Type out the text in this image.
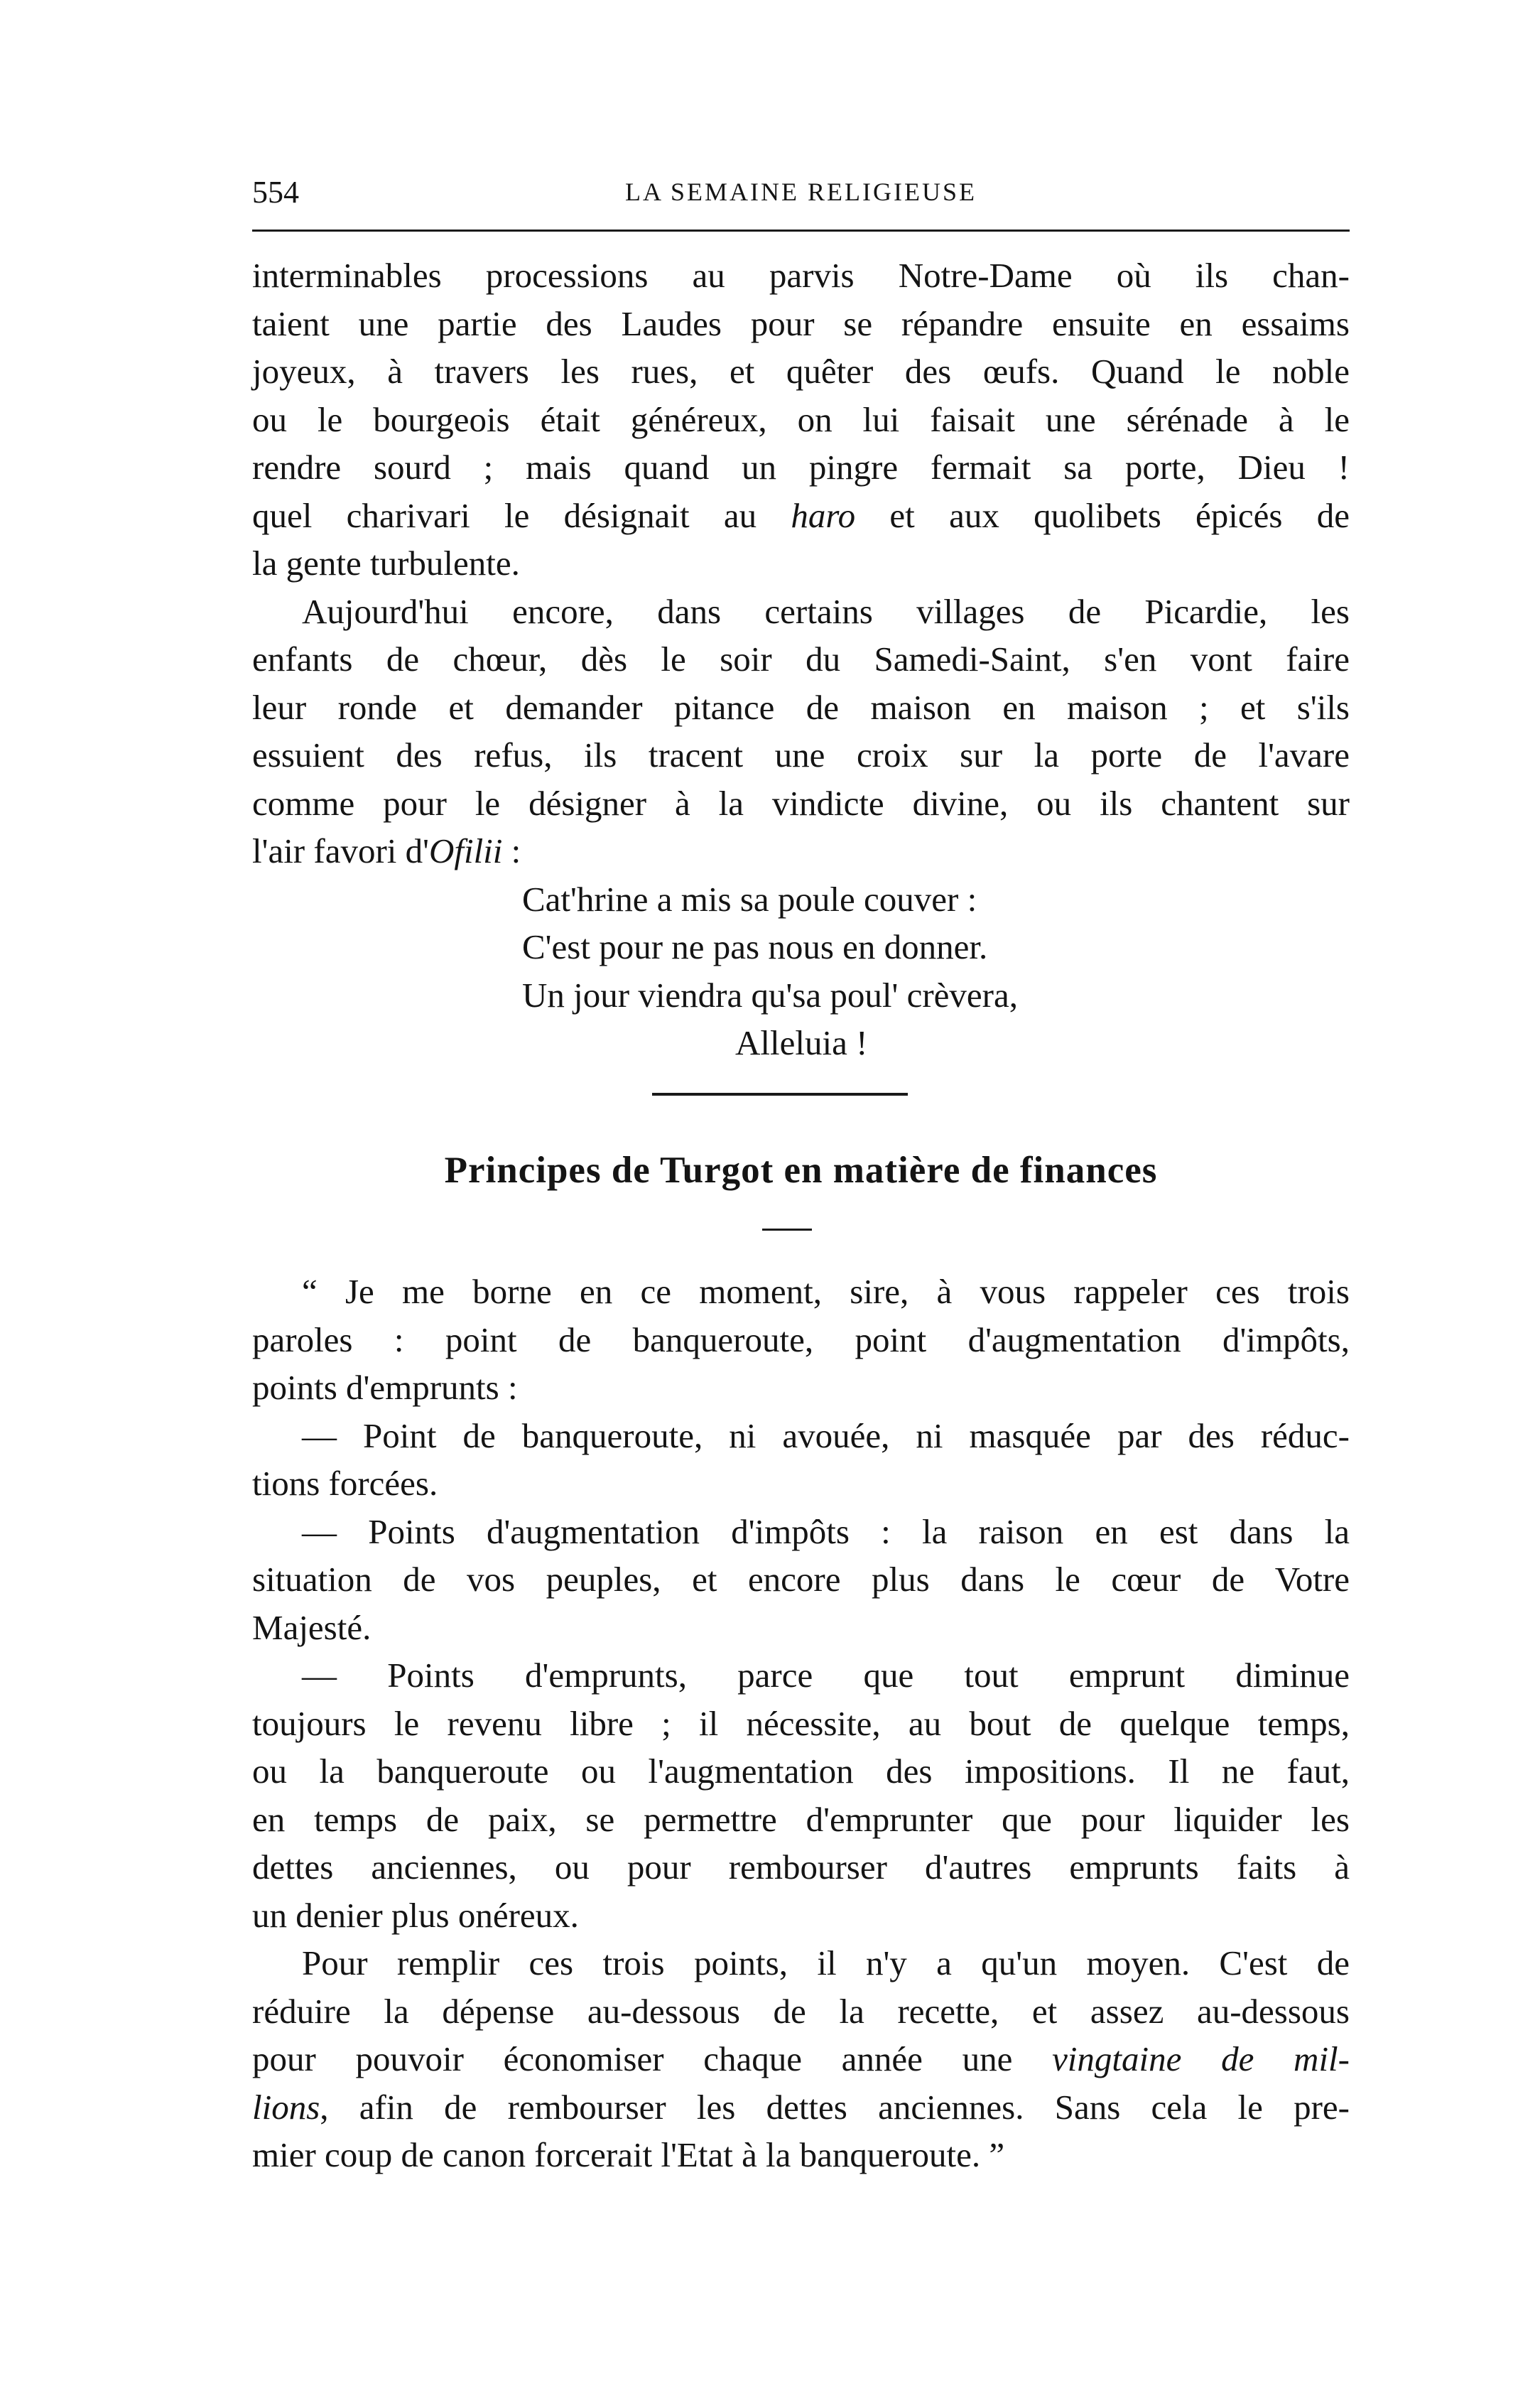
554	LA SEMAINE RELIGIEUSE
interminables processions au parvis Notre-Dame où ils chan-
taient une partie des Laudes pour se répandre ensuite en essaims
joyeux, à travers les rues, et quêter des œufs. Quand le noble
ou le bourgeois était généreux, on lui faisait une sérénade à le
rendre sourd ; mais quand un pingre fermait sa porte, Dieu !
quel charivari le désignait au haro et aux quolibets épicés de
la gente turbulente.
Aujourd'hui encore, dans certains villages de Picardie, les
enfants de chœur, dès le soir du Samedi-Saint, s'en vont faire
leur ronde et demander pitance de maison en maison ; et s'ils
essuient des refus, ils tracent une croix sur la porte de l'avare
comme pour le désigner à la vindicte divine, ou ils chantent sur
l'air favori d'Ofilii :
Cat'hrine a mis sa poule couver :
C'est pour ne pas nous en donner.
Un jour viendra qu'sa poul' crèvera,
Alleluia !
Principes de Turgot en matière de finances
“ Je me borne en ce moment, sire, à vous rappeler ces trois
paroles : point de banqueroute, point d'augmentation d'impôts,
points d'emprunts :
— Point de banqueroute, ni avouée, ni masquée par des réduc-
tions forcées.
— Points d'augmentation d'impôts : la raison en est dans la
situation de vos peuples, et encore plus dans le cœur de Votre
Majesté.
— Points d'emprunts, parce que tout emprunt diminue
toujours le revenu libre ; il nécessite, au bout de quelque temps,
ou la banqueroute ou l'augmentation des impositions. Il ne faut,
en temps de paix, se permettre d'emprunter que pour liquider les
dettes anciennes, ou pour rembourser d'autres emprunts faits à
un denier plus onéreux.
Pour remplir ces trois points, il n'y a qu'un moyen. C'est de
réduire la dépense au-dessous de la recette, et assez au-dessous
pour pouvoir économiser chaque année une vingtaine de mil-
lions, afin de rembourser les dettes anciennes. Sans cela le pre-
mier coup de canon forcerait l'Etat à la banqueroute. ”
